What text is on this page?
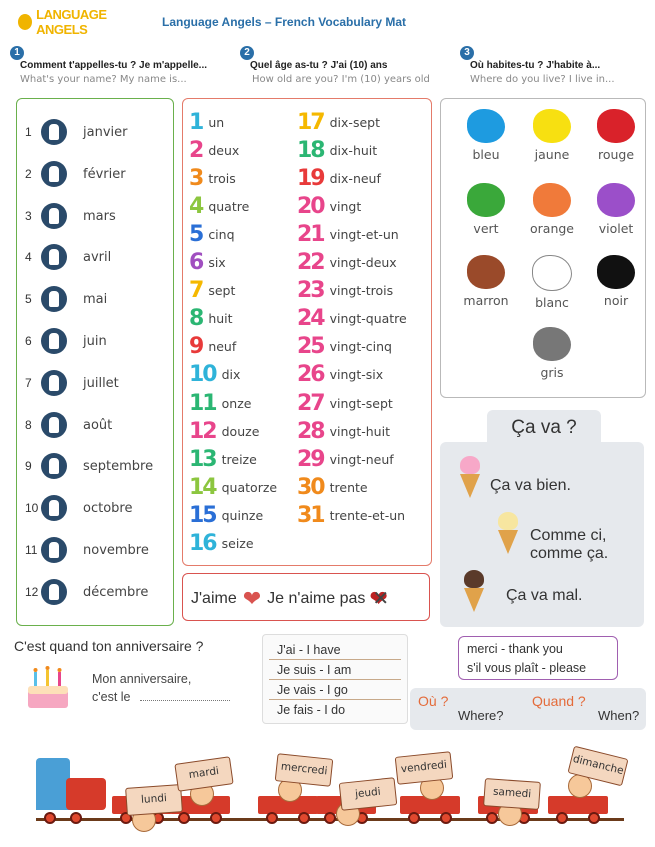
LANGUAGE ANGELS	Language Angels – French Vocabulary Mat
1
Comment t'appelles-tu ? Je m'appelle...
What's your name? My name is...
2
Quel âge as-tu ? J'ai (10) ans
How old are you? I'm (10) years old
3
Où habites-tu ? J'habite à...
Where do you live? I live in...
1	janvier
2	février
3	mars
4	avril
5	mai
6	juin
7	juillet
8	août
9	septembre
10	octobre
11	novembre
12	décembre
1 un
2 deux
3 trois
4 quatre
5 cinq
6 six
7 sept
8 huit
9 neuf
10 dix
11 onze
12 douze
13 treize
14 quatorze
15 quinze
16 seize
17 dix-sept
18 dix-huit
19 dix-neuf
20 vingt
21 vingt-et-un
22 vingt-deux
23 vingt-trois
24 vingt-quatre
25 vingt-cinq
26 vingt-six
27 vingt-sept
28 vingt-huit
29 vingt-neuf
30 trente
31 trente-et-un
bleu	jaune	rouge
vert	orange	violet
marron	blanc	noir
gris
Ça va ?
Ça va bien.
Comme ci,
comme ça.
Ça va mal.
J'aime ❤ Je n'aime pas ❤ ✕
C'est quand ton anniversaire ?
Mon anniversaire,
c'est le
J'ai - I have
Je suis - I am
Je vais - I go
Je fais - I do
merci - thank you
s'il vous plaît - please
Où ?
Where?
Quand ?
When?
lundi
mardi	mercredi
jeudi
vendredi
samedi
dimanche
